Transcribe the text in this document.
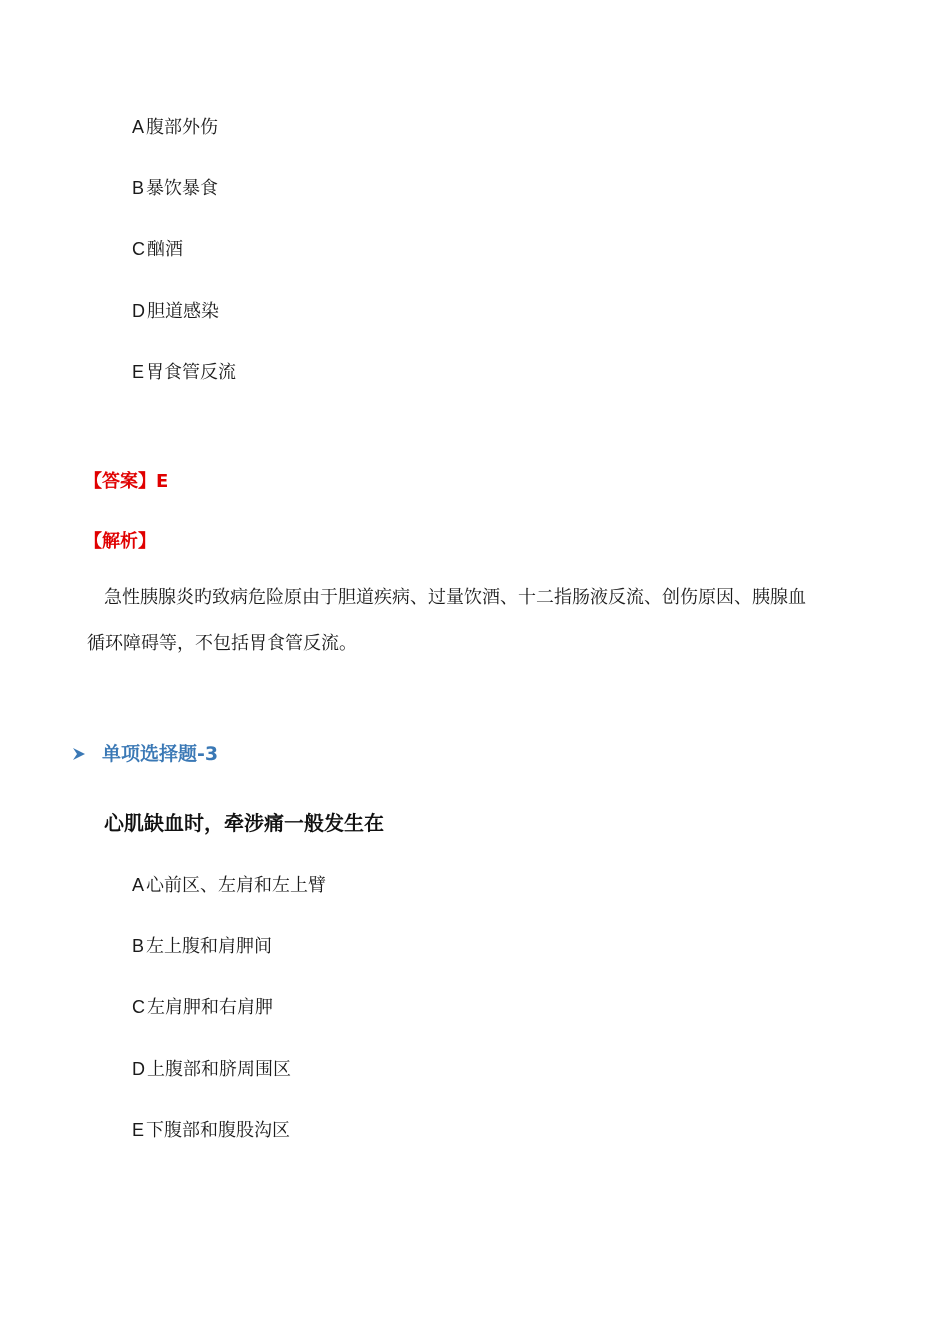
A 腹部外伤
B 暴饮暴食
C 酗酒
D 胆道感染
E 胃食管反流
【答案】E
【解析】
急性胰腺炎旳致病危险原由于胆道疾病、过量饮酒、十二指肠液反流、创伤原因、胰腺血
循环障碍等，不包括胃食管反流。
单项选择题-3
心肌缺血时，牵涉痛一般发生在
A 心前区、左肩和左上臂
B 左上腹和肩胛间
C 左肩胛和右肩胛
D 上腹部和脐周围区
E 下腹部和腹股沟区
